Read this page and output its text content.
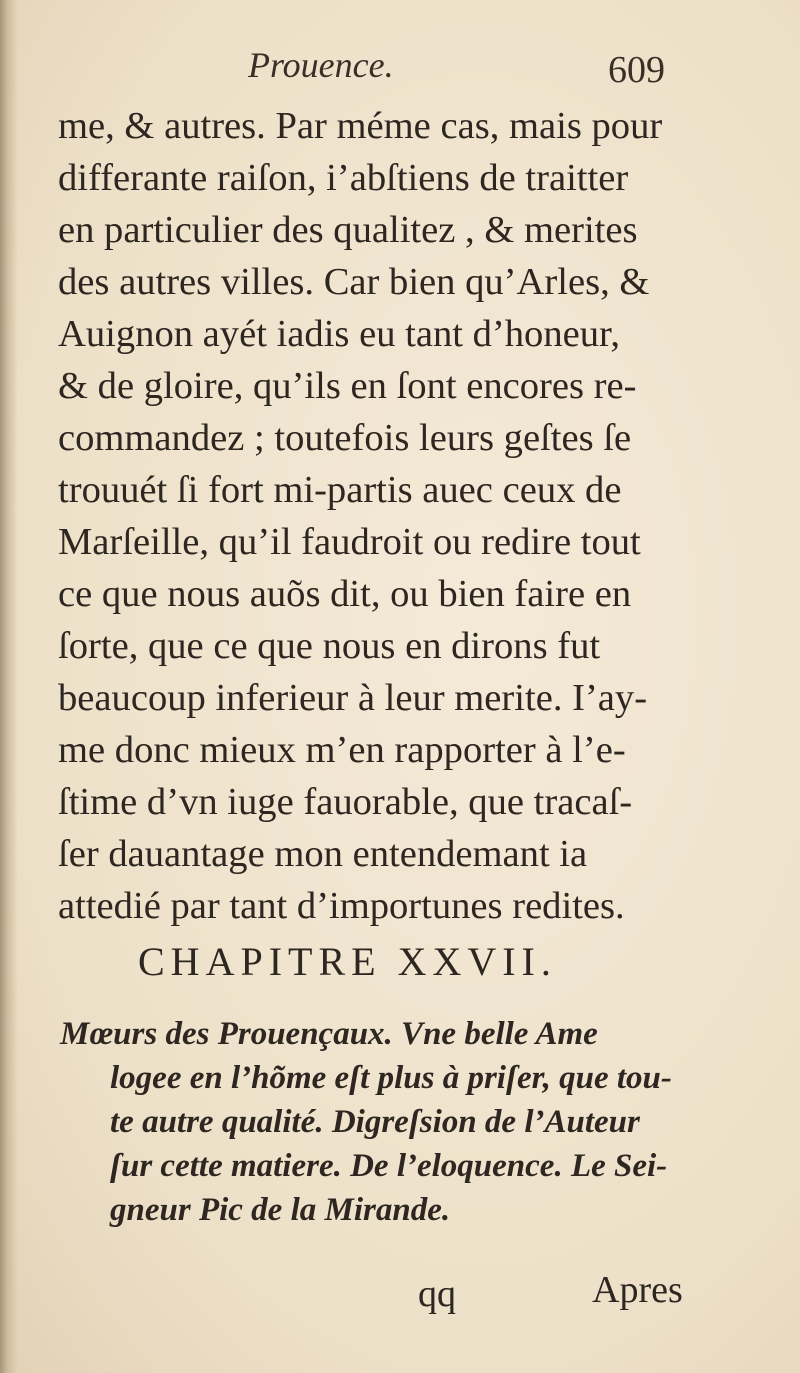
Prouence.	609
me, & autres. Par méme cas, mais pour
differante raiſon, i’abſtiens de traitter
en particulier des qualitez , & merites
des autres villes. Car bien qu’Arles, &
Auignon ayét iadis eu tant d’honeur,
& de gloire, qu’ils en ſont encores re-
commandez ; toutefois leurs geſtes ſe
trouuét ſi fort mi-partis auec ceux de
Marſeille, qu’il faudroit ou redire tout
ce que nous auõs dit, ou bien faire en
ſorte, que ce que nous en dirons fut
beaucoup inferieur à leur merite. I’ay-
me donc mieux m’en rapporter à l’e-
ſtime d’vn iuge fauorable, que tracaſ-
ſer dauantage mon entendemant ia
attedié par tant d’importunes redites.
CHAPITRE XXVII.
Mœurs des Prouençaux. Vne belle Ame
logee en l’hõme eſt plus à priſer, que tou-
te autre qualité. Digreſsion de l’Auteur
ſur cette matiere. De l’eloquence. Le Sei-
gneur Pic de la Mirande.
qq	Apres
